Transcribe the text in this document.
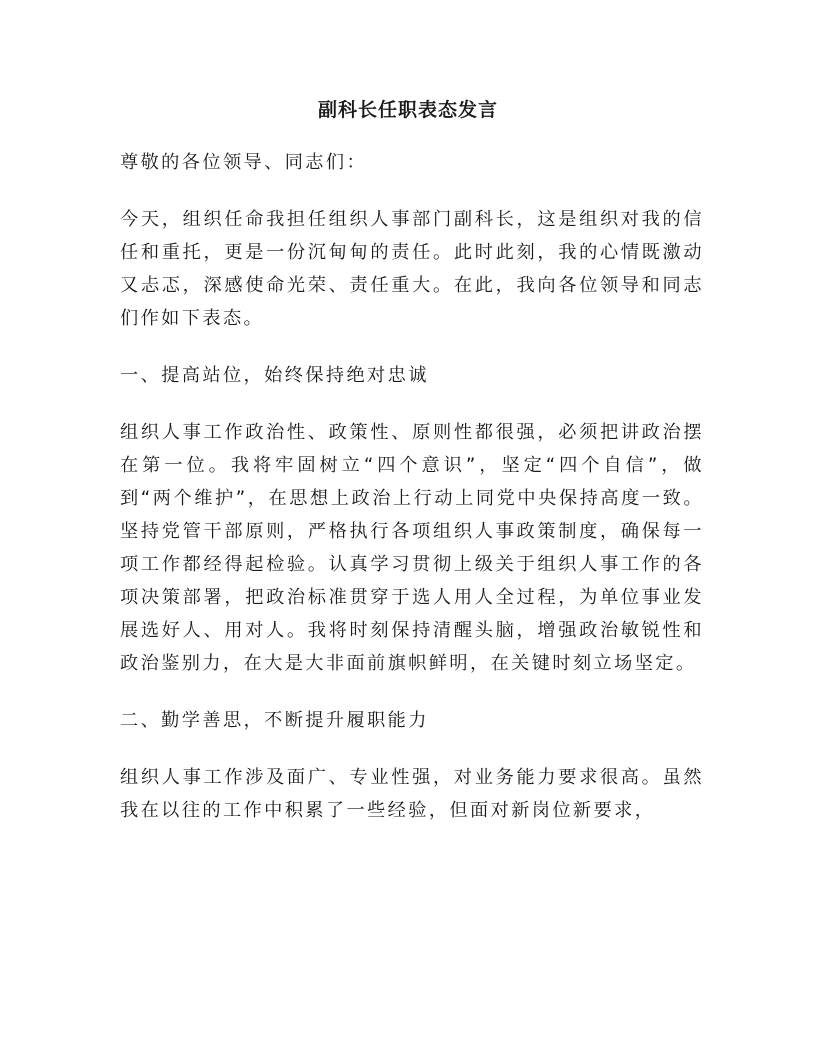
副科长任职表态发言

尊敬的各位领导、同志们：

今天，组织任命我担任组织人事部门副科长，这是组织对我的信任和重托，更是一份沉甸甸的责任。此时此刻，我的心情既激动又忐忑，深感使命光荣、责任重大。在此，我向各位领导和同志们作如下表态。

一、提高站位，始终保持绝对忠诚

组织人事工作政治性、政策性、原则性都很强，必须把讲政治摆在第一位。我将牢固树立“四个意识”，坚定“四个自信”，做到“两个维护”，在思想上政治上行动上同党中央保持高度一致。坚持党管干部原则，严格执行各项组织人事政策制度，确保每一项工作都经得起检验。认真学习贯彻上级关于组织人事工作的各项决策部署，把政治标准贯穿于选人用人全过程，为单位事业发展选好人、用对人。我将时刻保持清醒头脑，增强政治敏锐性和政治鉴别力，在大是大非面前旗帜鲜明，在关键时刻立场坚定。

二、勤学善思，不断提升履职能力

组织人事工作涉及面广、专业性强，对业务能力要求很高。虽然我在以往的工作中积累了一些经验，但面对新岗位新要求，
